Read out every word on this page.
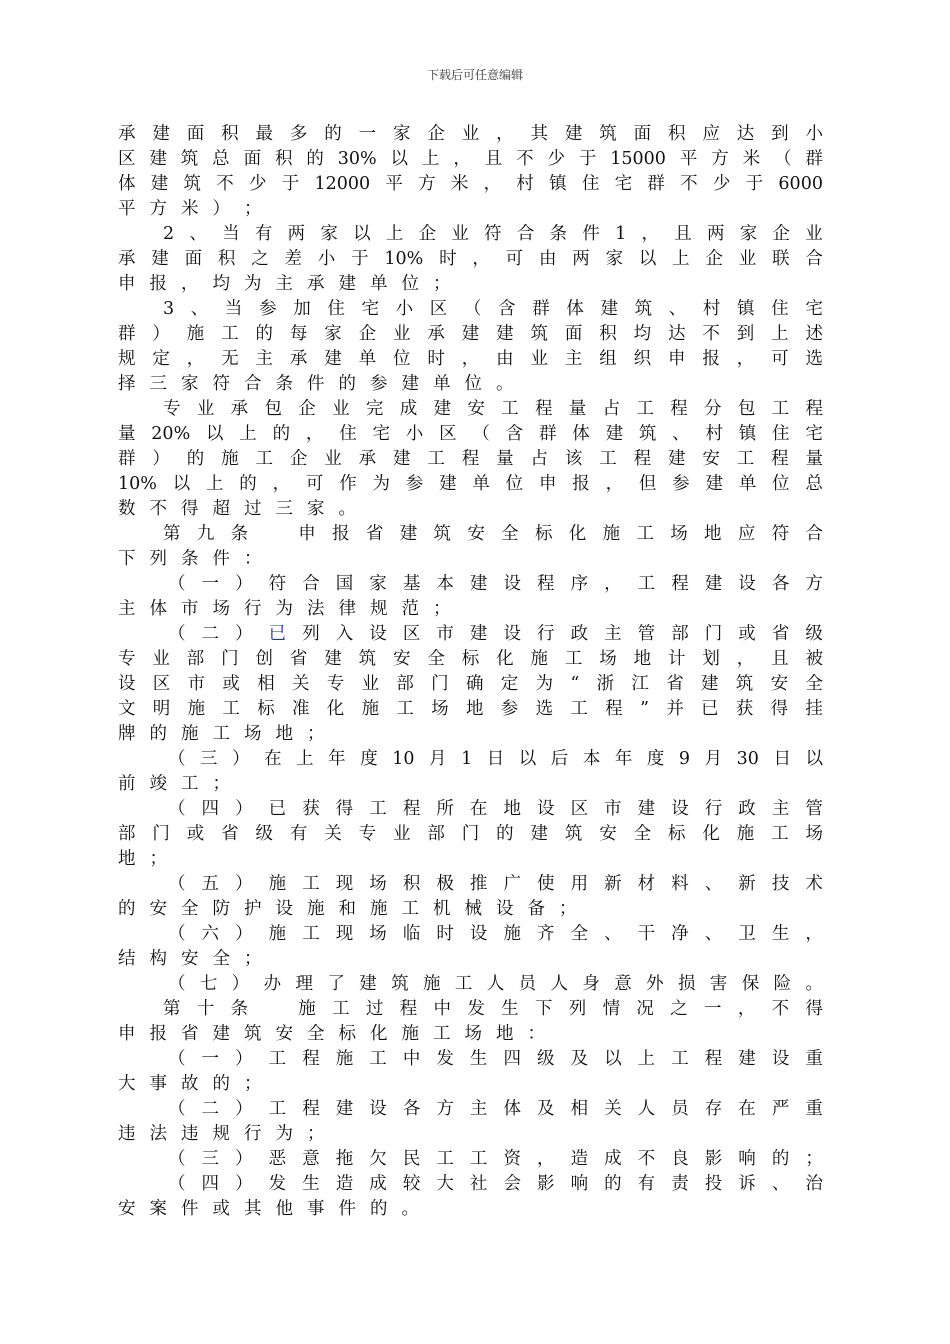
下载后可任意编辑
承 建 面 积 最 多 的 一 家 企 业 ， 其 建 筑 面 积 应 达 到 小
区 建 筑 总 面 积 的 30% 以 上 ， 且 不 少 于 15000 平 方 米 （ 群
体 建 筑 不 少 于 12000 平 方 米 ， 村 镇 住 宅 群 不 少 于 6000
平 方 米 ） ；
2 、 当 有 两 家 以 上 企 业 符 合 条 件 1 ， 且 两 家 企 业
承 建 面 积 之 差 小 于 10% 时 ， 可 由 两 家 以 上 企 业 联 合
申 报 ， 均 为 主 承 建 单 位 ；
3 、 当 参 加 住 宅 小 区 （ 含 群 体 建 筑 、 村 镇 住 宅
群 ） 施 工 的 每 家 企 业 承 建 建 筑 面 积 均 达 不 到 上 述
规 定 ， 无 主 承 建 单 位 时 ， 由 业 主 组 织 申 报 ， 可 选
择 三 家 符 合 条 件 的 参 建 单 位 。
专 业 承 包 企 业 完 成 建 安 工 程 量 占 工 程 分 包 工 程
量 20% 以 上 的 ， 住 宅 小 区 （ 含 群 体 建 筑 、 村 镇 住 宅
群 ） 的 施 工 企 业 承 建 工 程 量 占 该 工 程 建 安 工 程 量
10% 以 上 的 ， 可 作 为 参 建 单 位 申 报 ， 但 参 建 单 位 总
数 不 得 超 过 三 家 。
第 九 条
　	申 报 省 建 筑 安 全 标 化 施 工 场 地 应 符 合
下 列 条 件 ：
（ 一 ） 符 合 国 家 基 本 建 设 程 序 ， 工 程 建 设 各 方
主 体 市 场 行 为 法 律 规 范 ；
（ 二 ） 已 列 入 设 区 市 建 设 行 政 主 管 部 门 或 省 级
专 业 部 门 创 省 建 筑 安 全 标 化 施 工 场 地 计 划 ， 且 被
设 区 市 或 相 关 专 业 部 门 确 定 为 “ 浙 江 省 建 筑 安 全
文 明 施 工 标 准 化 施 工 场 地 参 选 工 程 ” 并 已 获 得 挂
牌 的 施 工 场 地 ；
（ 三 ） 在 上 年 度 10 月 1 日 以 后 本 年 度 9 月 30 日 以
前 竣 工 ；
（ 四 ） 已 获 得 工 程 所 在 地 设 区 市 建 设 行 政 主 管
部 门 或 省 级 有 关 专 业 部 门 的 建 筑 安 全 标 化 施 工 场
地 ；
（ 五 ） 施 工 现 场 积 极 推 广 使 用 新 材 料 、 新 技 术
的 安 全 防 护 设 施 和 施 工 机 械 设 备 ；
（ 六 ） 施 工 现 场 临 时 设 施 齐 全 、 干 净 、 卫 生 ，
结 构 安 全 ；
（ 七 ） 办 理 了 建 筑 施 工 人 员 人 身 意 外 损 害 保 险 。
第 十 条
　	施 工 过 程 中 发 生 下 列 情 况 之 一 ， 不 得
申 报 省 建 筑 安 全 标 化 施 工 场 地 ：
（ 一 ） 工 程 施 工 中 发 生 四 级 及 以 上 工 程 建 设 重
大 事 故 的 ；
（ 二 ） 工 程 建 设 各 方 主 体 及 相 关 人 员 存 在 严 重
违 法 违 规 行 为 ；
（ 三 ） 恶 意 拖 欠 民 工 工 资 ， 造 成 不 良 影 响 的 ；
（ 四 ） 发 生 造 成 较 大 社 会 影 响 的 有 责 投 诉 、 治
安 案 件 或 其 他 事 件 的 。
